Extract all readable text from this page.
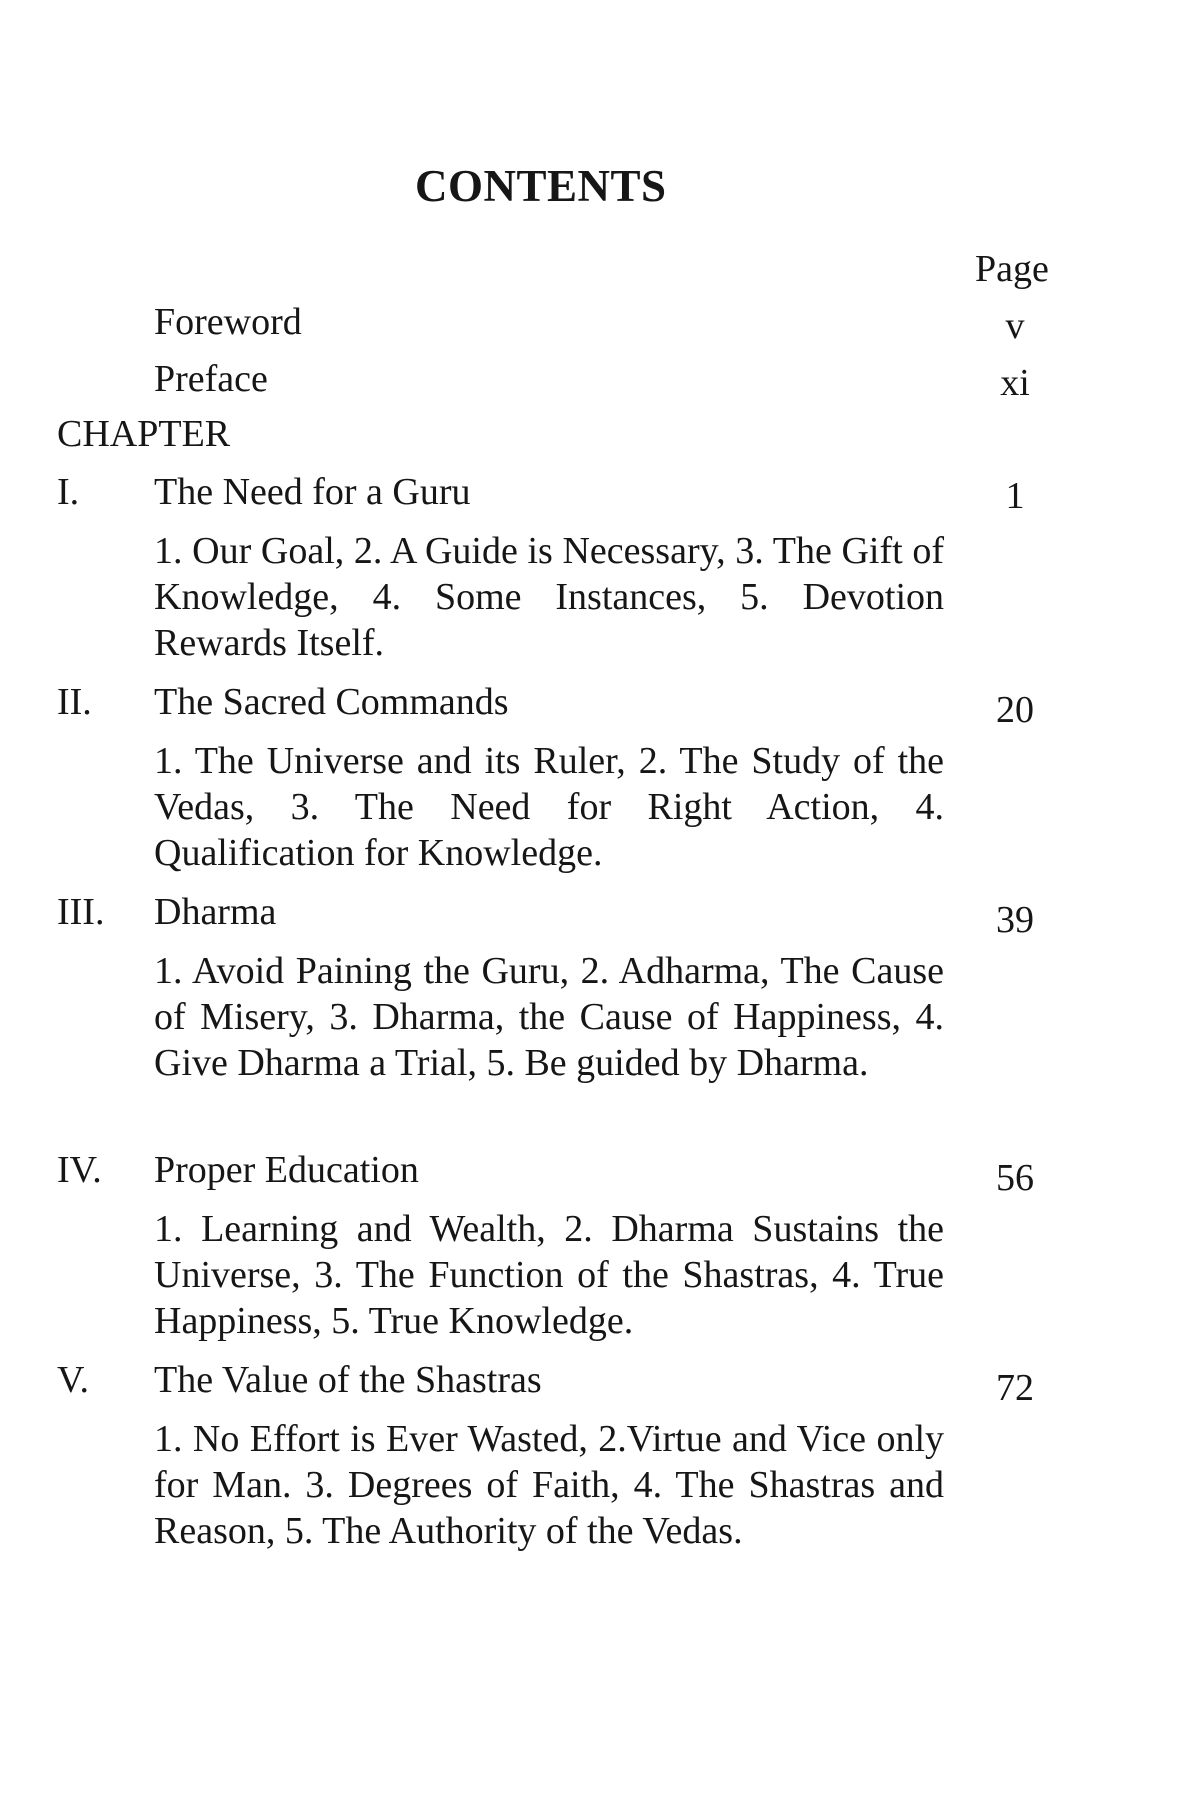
CONTENTS
Page
Foreword	v
Preface	xi
CHAPTER
I. The Need for a Guru	1

1. Our Goal, 2. A Guide is Necessary, 3. The Gift of Knowledge, 4. Some Instances, 5. Devotion Rewards Itself.

II. The Sacred Commands	20

1. The Universe and its Ruler, 2. The Study of the Vedas, 3. The Need for Right Action, 4. Qualification for Knowledge.

III. Dharma	39

1. Avoid Paining the Guru, 2. Adharma, The Cause of Misery, 3. Dharma, the Cause of Happiness, 4. Give Dharma a Trial, 5. Be guided by Dharma.

IV. Proper Education	56

1. Learning and Wealth, 2. Dharma Sustains the Universe, 3. The Function of the Shastras, 4. True Happiness, 5. True Knowledge.

V. The Value of the Shastras	72

1. No Effort is Ever Wasted, 2.Virtue and Vice only for Man. 3. Degrees of Faith, 4. The Shastras and Reason, 5. The Authority of the Vedas.
